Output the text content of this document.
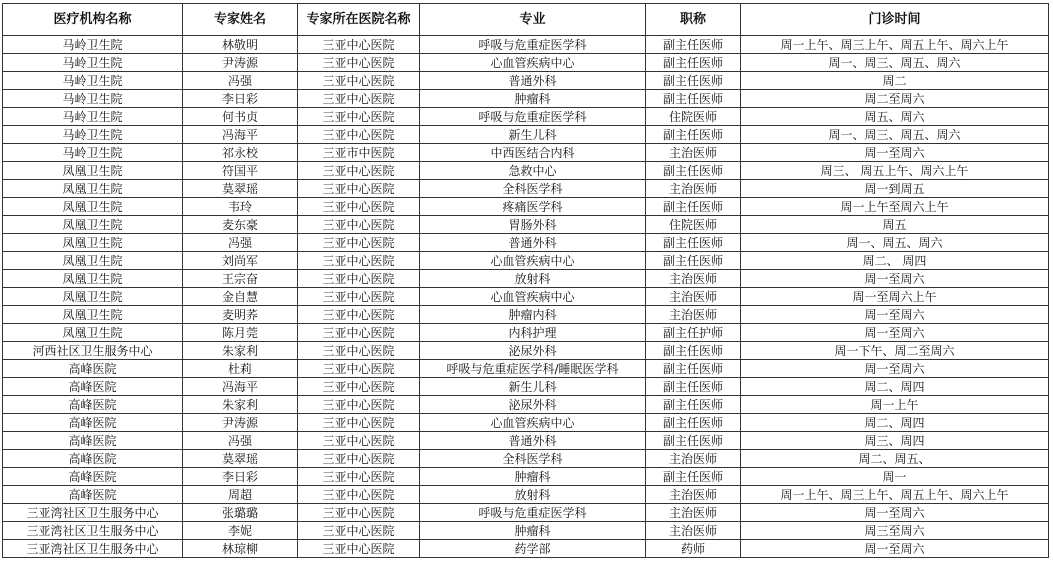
医疗机构名称	专家姓名	专家所在医院名称	专业	职称	门诊时间
马岭卫生院	林敬明	三亚中心医院	呼吸与危重症医学科	副主任医师	周一上午、周三上午、周五上午、周六上午
马岭卫生院	尹涛源	三亚中心医院	心血管疾病中心	副主任医师	周一、周三、周五、周六
马岭卫生院	冯强	三亚中心医院	普通外科	副主任医师	周二
马岭卫生院	李日彩	三亚中心医院	肿瘤科	副主任医师	周二至周六
马岭卫生院	何书贞	三亚中心医院	呼吸与危重症医学科	住院医师	周五、周六
马岭卫生院	冯海平	三亚中心医院	新生儿科	副主任医师	周一、周三、周五、周六
马岭卫生院	祁永校	三亚市中医院	中西医结合内科	主治医师	周一至周六
凤凰卫生院	符国平	三亚中心医院	急救中心	副主任医师	周三、 周五上午、周六上午
凤凰卫生院	莫翠瑶	三亚中心医院	全科医学科	主治医师	周一到周五
凤凰卫生院	韦玲	三亚中心医院	疼痛医学科	副主任医师	周一上午至周六上午
凤凰卫生院	麦东豪	三亚中心医院	胃肠外科	住院医师	周五
凤凰卫生院	冯强	三亚中心医院	普通外科	副主任医师	周一、周五、周六
凤凰卫生院	刘尚军	三亚中心医院	心血管疾病中心	副主任医师	周二、 周四
凤凰卫生院	王宗奋	三亚中心医院	放射科	主治医师	周一至周六
凤凰卫生院	金自慧	三亚中心医院	心血管疾病中心	主治医师	周一至周六上午
凤凰卫生院	麦明荞	三亚中心医院	肿瘤内科	主治医师	周一至周六
凤凰卫生院	陈月莞	三亚中心医院	内科护理	副主任护师	周一至周六
河西社区卫生服务中心	朱家利	三亚中心医院	泌尿外科	副主任医师	周一下午、周二至周六
高峰医院	杜莉	三亚中心医院	呼吸与危重症医学科/睡眠医学科	副主任医师	周一至周六
高峰医院	冯海平	三亚中心医院	新生儿科	副主任医师	周二、周四
高峰医院	朱家利	三亚中心医院	泌尿外科	副主任医师	周一上午
高峰医院	尹涛源	三亚中心医院	心血管疾病中心	副主任医师	周二、周四
高峰医院	冯强	三亚中心医院	普通外科	副主任医师	周三、周四
高峰医院	莫翠瑶	三亚中心医院	全科医学科	主治医师	周二、周五、
高峰医院	李日彩	三亚中心医院	肿瘤科	副主任医师	周一
高峰医院	周超	三亚中心医院	放射科	主治医师	周一上午、周三上午、周五上午、周六上午
三亚湾社区卫生服务中心	张璐璐	三亚中心医院	呼吸与危重症医学科	主治医师	周一至周六
三亚湾社区卫生服务中心	李妮	三亚中心医院	肿瘤科	主治医师	周三至周六
三亚湾社区卫生服务中心	林琼柳	三亚中心医院	药学部	药师	周一至周六
